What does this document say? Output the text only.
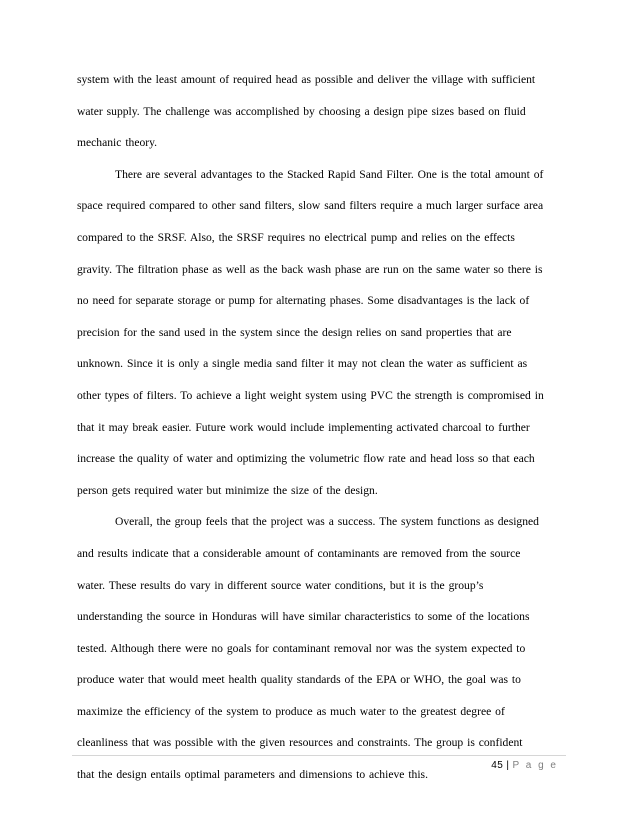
system with the least amount of required head as possible and deliver the village with sufficient
water supply. The challenge was accomplished by choosing a design pipe sizes based on fluid
mechanic theory.
There are several advantages to the Stacked Rapid Sand Filter. One is the total amount of
space required compared to other sand filters, slow sand filters require a much larger surface area
compared to the SRSF. Also, the SRSF requires no electrical pump and relies on the effects
gravity. The filtration phase as well as the back wash phase are run on the same water so there is
no need for separate storage or pump for alternating phases. Some disadvantages is the lack of
precision for the sand used in the system since the design relies on sand properties that are
unknown. Since it is only a single media sand filter it may not clean the water as sufficient as
other types of filters. To achieve a light weight system using PVC the strength is compromised in
that it may break easier. Future work would include implementing activated charcoal to further
increase the quality of water and optimizing the volumetric flow rate and head loss so that each
person gets required water but minimize the size of the design.
Overall, the group feels that the project was a success. The system functions as designed
and results indicate that a considerable amount of contaminants are removed from the source
water. These results do vary in different source water conditions, but it is the group’s
understanding the source in Honduras will have similar characteristics to some of the locations
tested. Although there were no goals for contaminant removal nor was the system expected to
produce water that would meet health quality standards of the EPA or WHO, the goal was to
maximize the efficiency of the system to produce as much water to the greatest degree of
cleanliness that was possible with the given resources and constraints. The group is confident
that the design entails optimal parameters and dimensions to achieve this.
45 | P a g e
